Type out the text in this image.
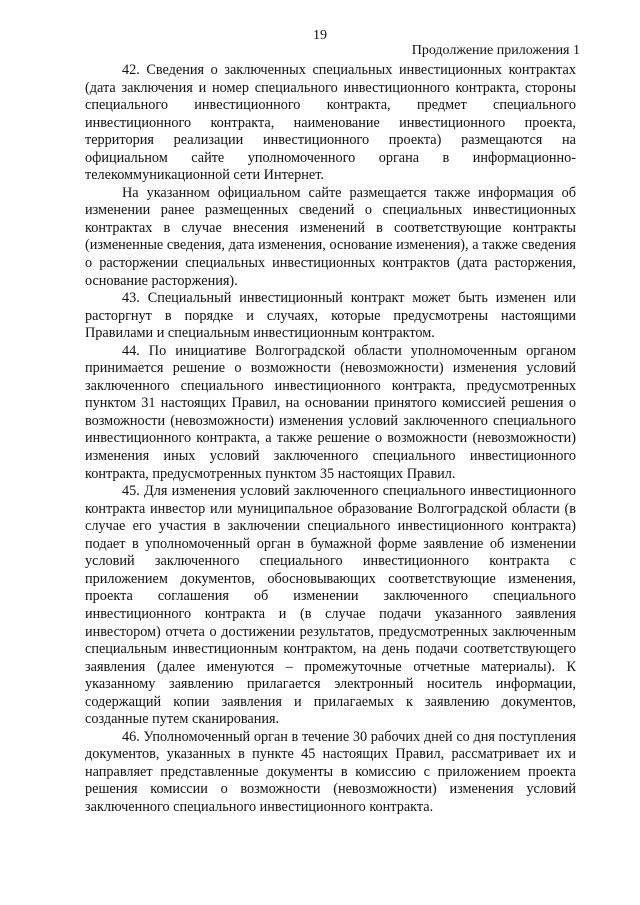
19
Продолжение приложения 1

42. Сведения о заключенных специальных инвестиционных контрактах (дата заключения и номер специального инвестиционного контракта, стороны специального инвестиционного контракта, предмет специального инвестиционного контракта, наименование инвестиционного проекта, территория реализации инвестиционного проекта) размещаются на официальном сайте уполномоченного органа в информационно-телекоммуникационной сети Интернет.

На указанном официальном сайте размещается также информация об изменении ранее размещенных сведений о специальных инвестиционных контрактах в случае внесения изменений в соответствующие контракты (измененные сведения, дата изменения, основание изменения), а также сведения о расторжении специальных инвестиционных контрактов (дата расторжения, основание расторжения).

43. Специальный инвестиционный контракт может быть изменен или расторгнут в порядке и случаях, которые предусмотрены настоящими Правилами и специальным инвестиционным контрактом.

44. По инициативе Волгоградской области уполномоченным органом принимается решение о возможности (невозможности) изменения условий заключенного специального инвестиционного контракта, предусмотренных пунктом 31 настоящих Правил, на основании принятого комиссией решения о возможности (невозможности) изменения условий заключенного специального инвестиционного контракта, а также решение о возможности (невозможности) изменения иных условий заключенного специального инвестиционного контракта, предусмотренных пунктом 35 настоящих Правил.

45. Для изменения условий заключенного специального инвестиционного контракта инвестор или муниципальное образование Волгоградской области (в случае его участия в заключении специального инвестиционного контракта) подает в уполномоченный орган в бумажной форме заявление об изменении условий заключенного специального инвестиционного контракта с приложением документов, обосновывающих соответствующие изменения, проекта соглашения об изменении заключенного специального инвестиционного контракта и (в случае подачи указанного заявления инвестором) отчета о достижении результатов, предусмотренных заключенным специальным инвестиционным контрактом, на день подачи соответствующего заявления (далее именуются – промежуточные отчетные материалы). К указанному заявлению прилагается электронный носитель информации, содержащий копии заявления и прилагаемых к заявлению документов, созданные путем сканирования.

46. Уполномоченный орган в течение 30 рабочих дней со дня поступления документов, указанных в пункте 45 настоящих Правил, рассматривает их и направляет представленные документы в комиссию с приложением проекта решения комиссии о возможности (невозможности) изменения условий заключенного специального инвестиционного контракта.
